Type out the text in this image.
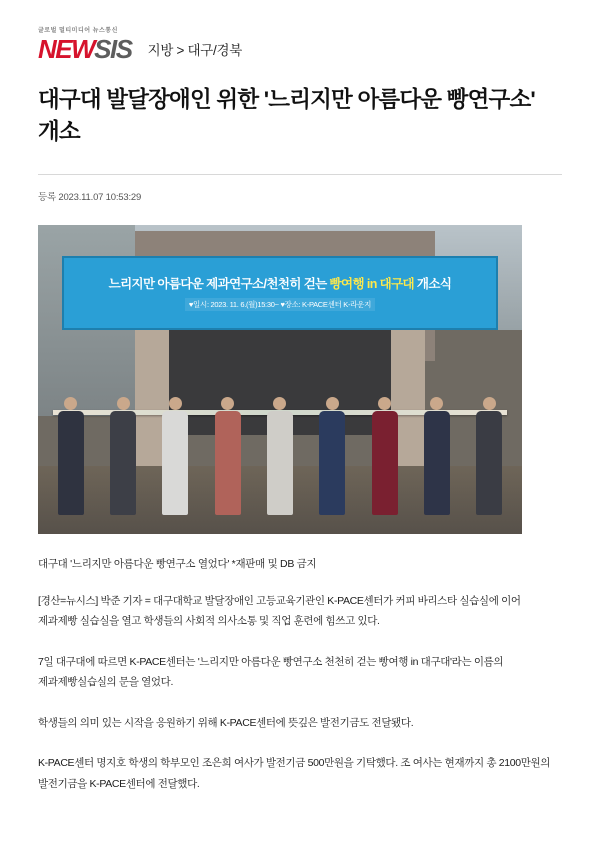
글로벌 멀티미디어 뉴스통신
NEWSIS 지방 > 대구/경북
대구대 발달장애인 위한 '느리지만 아름다운 빵연구소' 개소
등록 2023.11.07 10:53:29
느리지만 아름다운 제과연구소/천천히 걷는 빵여행 in 대구대 개소식
♥일시: 2023. 11. 6.(월)15:30~ ♥장소: K-PACE센터 K-라운지
대구대 '느리지만 아름다운 빵연구소 열었다' *재판매 및 DB 금지

[경산=뉴시스] 박준 기자 = 대구대학교 발달장애인 고등교육기관인 K-PACE센터가 커피 바리스타 실습실에 이어 제과제빵 실습실을 열고 학생들의 사회적 의사소통 및 직업 훈련에 힘쓰고 있다.

7일 대구대에 따르면 K-PACE센터는 '느리지만 아름다운 빵연구소 천천히 걷는 빵여행 in 대구대'라는 이름의 제과제빵실습실의 문을 열었다.

학생들의 의미 있는 시작을 응원하기 위해 K-PACE센터에 뜻깊은 발전기금도 전달됐다.

K-PACE센터 명지호 학생의 학부모인 조은희 여사가 발전기금 500만원을 기탁했다. 조 여사는 현재까지 총 2100만원의 발전기금을 K-PACE센터에 전달했다.
